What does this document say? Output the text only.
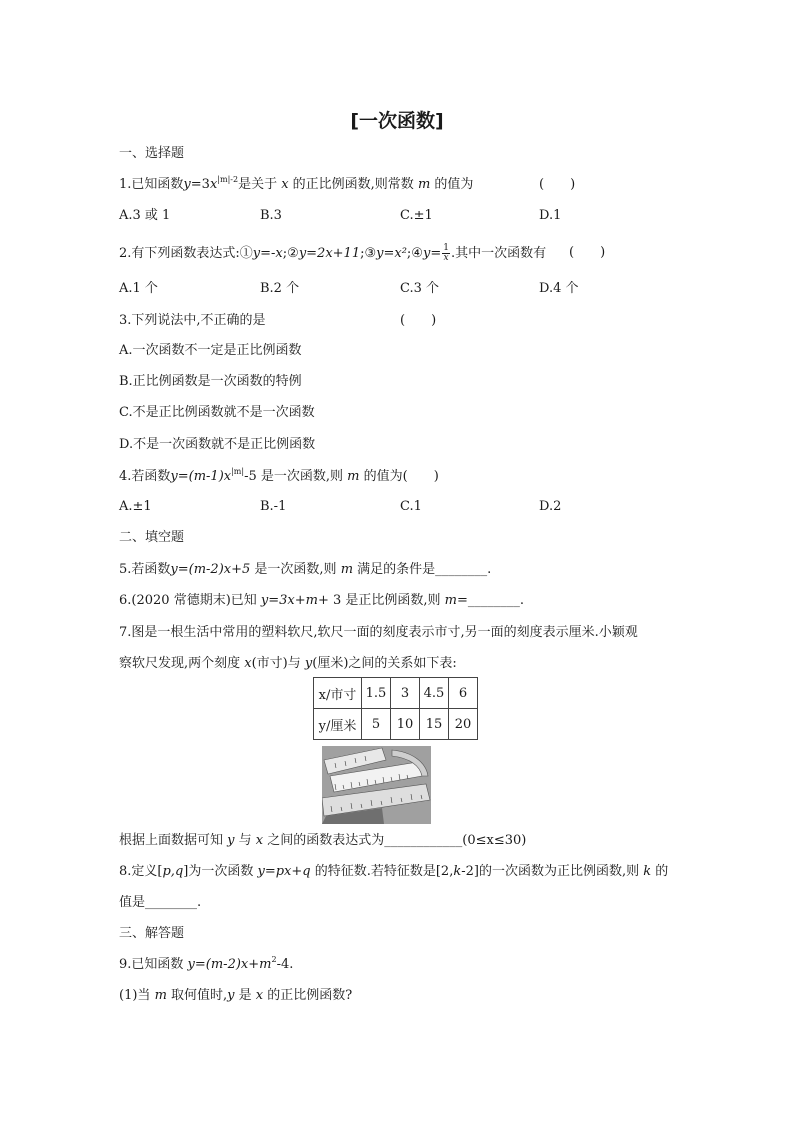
[一次函数]
一、选择题
1.已知函数$y=3x^{|m|-2}$是关于 x 的正比例函数,则常数 m 的值为	(　　)
A.3 或 1	B.3	C.±1	D.1
2.有下列函数表达式:①y=-x;②y=2x+11;③y=x²;④y= $\frac{1}{x}$ .其中一次函数有 (　　)
A.1 个	B.2 个	C.3 个	D.4 个
3.下列说法中,不正确的是	(　　)
A.一次函数不一定是正比例函数
B.正比例函数是一次函数的特例
C.不是正比例函数就不是一次函数
D.不是一次函数就不是正比例函数
4.若函数$y=(m-1)x^{|m|}-5$ 是一次函数,则 m 的值为(　　)
A.±1	B.-1	C.1	D.2
二、填空题
5.若函数y=(m-2)x+5 是一次函数,则 m 满足的条件是________.
6.(2020 常德期末)已知 y=3x+m+ 3 是正比例函数,则 m=________.
7.图是一根生活中常用的塑料软尺,软尺一面的刻度表示市寸,另一面的刻度表示厘米.小颖观
察软尺发现,两个刻度 x(市寸)与 y(厘米)之间的关系如下表:
x/市寸	1.5	3	4.5	6
y/厘米	5	10	15	20
根据上面数据可知 y 与 x 之间的函数表达式为____________(0≤x≤30)
8.定义[p,q]为一次函数 y=px+q 的特征数.若特征数是[2,k-2]的一次函数为正比例函数,则 k 的
值是________.
三、解答题
9.已知函数 $y=(m-2)x+m^2-4$.
(1)当 m 取何值时,y 是 x 的正比例函数?
